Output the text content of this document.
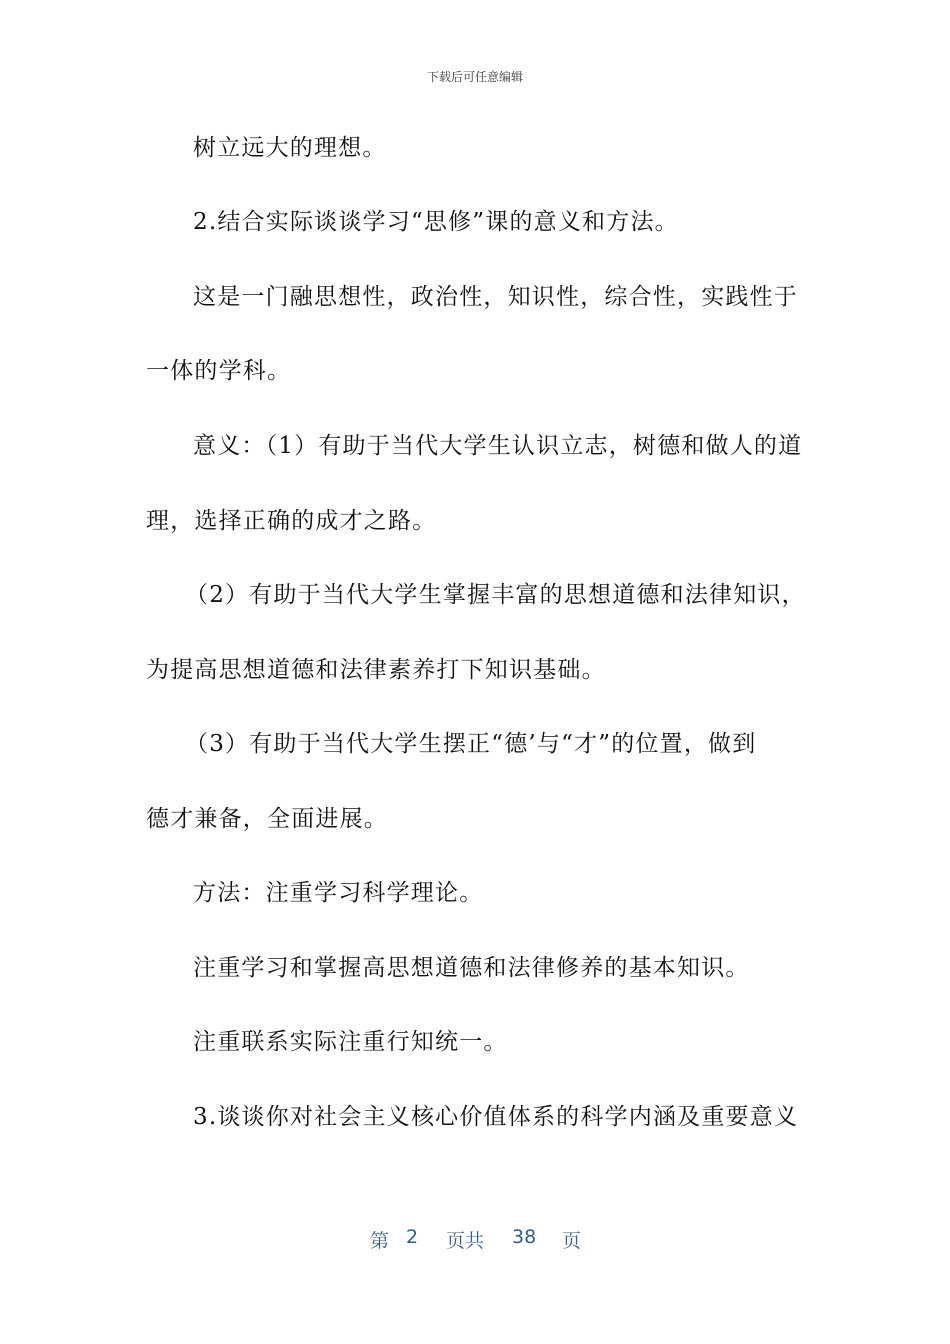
下载后可任意编辑
树立远大的理想。
2.结合实际谈谈学习“思修”课的意义和方法。
这是一门融思想性，政治性，知识性，综合性，实践性于
一体的学科。
意义：（1）有助于当代大学生认识立志，树德和做人的道
理，选择正确的成才之路。
（2）有助于当代大学生掌握丰富的思想道德和法律知识，
为提高思想道德和法律素养打下知识基础。
（3）有助于当代大学生摆正“德’与“才”的位置，做到
德才兼备，全面进展。
方法：注重学习科学理论。
注重学习和掌握高思想道德和法律修养的基本知识。
注重联系实际注重行知统一。
3.谈谈你对社会主义核心价值体系的科学内涵及重要意义
第 2 页共 38 页
